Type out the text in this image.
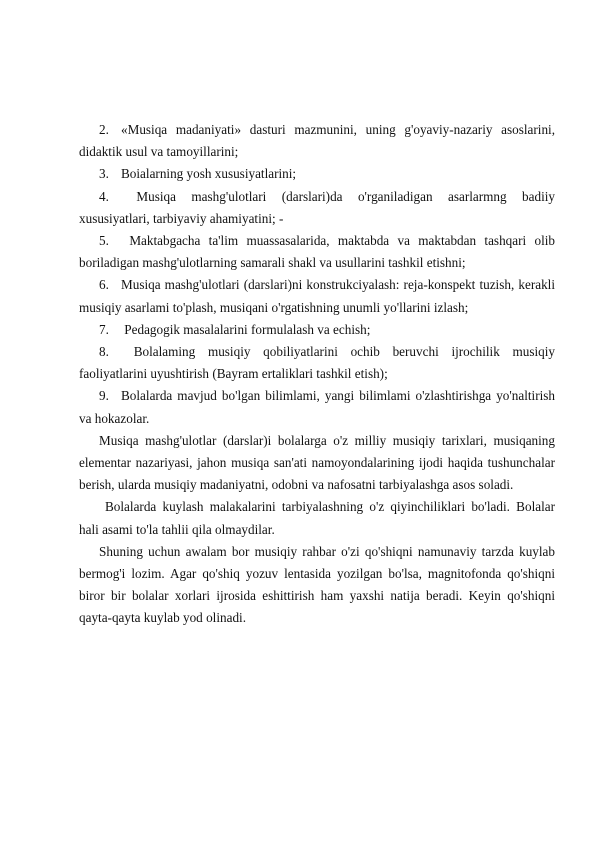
2. «Musiqa madaniyati» dasturi mazmunini, uning g'oyaviy-nazariy asoslarini, didaktik usul va tamoyillarini;

3. Boialarning yosh xususiyatlarini;

4. Musiqa mashg'ulotlari (darslari)da o'rganiladigan asarlarmng badiiy xususiyatlari, tarbiyaviy ahamiyatini; -

5. Maktabgacha ta'lim muassasalarida, maktabda va maktabdan tashqari olib boriladigan mashg'ulotlarning samarali shakl va usullarini tashkil etishni;

6. Musiqa mashg'ulotlari (darslari)ni konstrukciyalash: reja-konspekt tuzish, kerakli musiqiy asarlami to'plash, musiqani o'rgatishning unumli yo'llarini izlash;

7. Pedagogik masalalarini formulalash va echish;

8. Bolalaming musiqiy qobiliyatlarini ochib beruvchi ijrochilik musiqiy faoliyatlarini uyushtirish (Bayram ertaliklari tashkil etish);

9. Bolalarda mavjud bo'lgan bilimlami, yangi bilimlami o'zlashtirishga yo'naltirish va hokazolar.

Musiqa mashg'ulotlar (darslar)i bolalarga o'z milliy musiqiy tarixlari, musiqaning elementar nazariyasi, jahon musiqa san'ati namoyondalarining ijodi haqida tushunchalar berish, ularda musiqiy madaniyatni, odobni va nafosatni tarbiyalashga asos soladi.

Bolalarda kuylash malakalarini tarbiyalashning o'z qiyinchiliklari bo'ladi. Bolalar hali asami to'la tahlii qila olmaydilar.

Shuning uchun awalam bor musiqiy rahbar o'zi qo'shiqni namunaviy tarzda kuylab bermog'i lozim. Agar qo'shiq yozuv lentasida yozilgan bo'lsa, magnitofonda qo'shiqni biror bir bolalar xorlari ijrosida eshittirish ham yaxshi natija beradi. Keyin qo'shiqni qayta-qayta kuylab yod olinadi.
